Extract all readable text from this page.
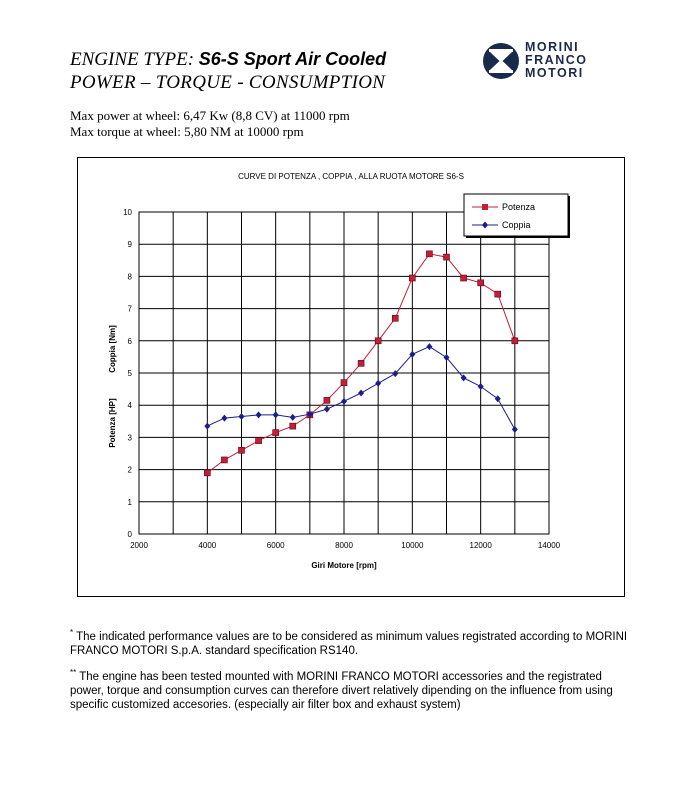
ENGINE TYPE: S6-S Sport Air Cooled
POWER – TORQUE - CONSUMPTION
MORINI
FRANCO
MOTORI
Max power at wheel: 6,47 Kw (8,8 CV) at 11000 rpm
Max torque at wheel: 5,80 NM at 10000 rpm
CURVE DI POTENZA , COPPIA , ALLA RUOTA MOTORE S6-S
0
1
2
3
4
5
6
7
8
9
10
2000	4000	6000	8000	10000	12000	14000
Giri Motore [rpm]
Potenza [HP]
Coppia [Nm]
Potenza
Coppia

* The indicated performance values are to be considered as minimum values registrated according to MORINI FRANCO MOTORI S.p.A. standard specification RS140.

** The engine has been tested mounted with MORINI FRANCO MOTORI accessories and the registrated power, torque and consumption curves can therefore divert relatively dipending on the influence from using specific customized accesories. (especially air filter box and exhaust system)
